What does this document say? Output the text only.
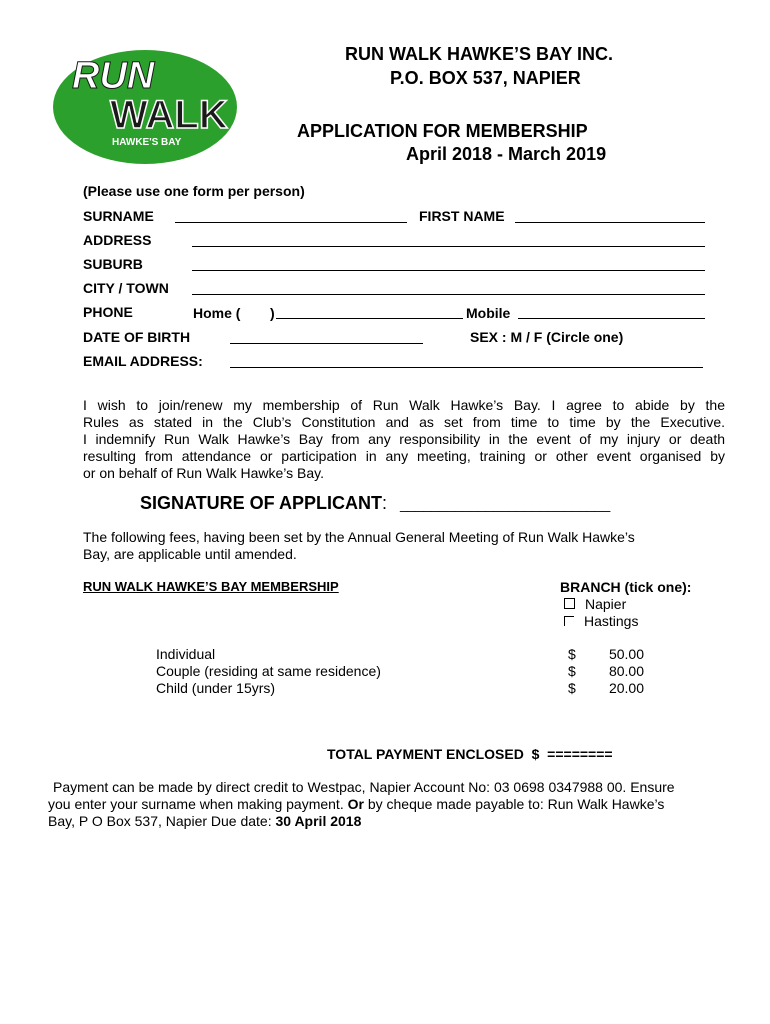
RUN
WALK
HAWKE'S BAY
RUN WALK HAWKE’S BAY INC.
P.O. BOX 537, NAPIER
APPLICATION FOR MEMBERSHIP
April 2018 - March 2019
(Please use one form per person)
SURNAME	FIRST NAME
ADDRESS
SUBURB
CITY / TOWN
PHONE	Home ( )	Mobile
DATE OF BIRTH	SEX : M / F (Circle one)
EMAIL ADDRESS:
I wish to join/renew my membership of Run Walk Hawke’s Bay. I agree to abide by the
Rules as stated in the Club’s Constitution and as set from time to time by the Executive.
I indemnify Run Walk Hawke’s Bay from any responsibility in the event of my injury or death
resulting from attendance or participation in any meeting, training or other event organised by
or on behalf of Run Walk Hawke’s Bay.
SIGNATURE OF APPLICANT: ___________________________
The following fees, having been set by the Annual General Meeting of Run Walk Hawke’s
Bay, are applicable until amended.
RUN WALK HAWKE’S BAY MEMBERSHIP	BRANCH (tick one):
Napier
Hastings
Individual	$	50.00
Couple (residing at same residence)	$	80.00
Child (under 15yrs)	$	20.00
TOTAL PAYMENT ENCLOSED $ ========
Payment can be made by direct credit to Westpac, Napier Account No: 03 0698 0347988 00. Ensure
you enter your surname when making payment. Or by cheque made payable to: Run Walk Hawke’s
Bay, P O Box 537, Napier Due date: 30 April 2018
